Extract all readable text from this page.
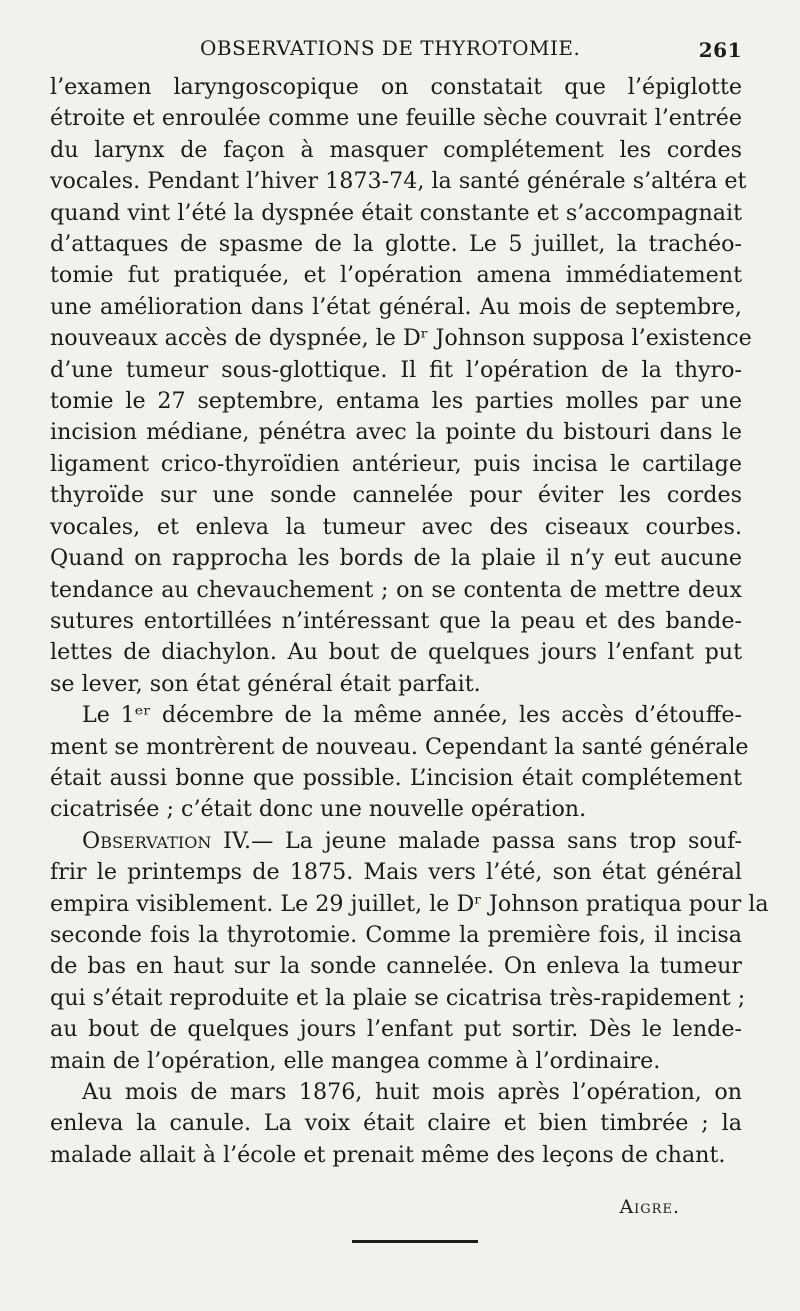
OBSERVATIONS DE THYROTOMIE.	261

l’examen laryngoscopique on constatait que l’épiglotte
étroite et enroulée comme une feuille sèche couvrait l’entrée
du larynx de façon à masquer complétement les cordes
vocales. Pendant l’hiver 1873-74, la santé générale s’altéra et
quand vint l’été la dyspnée était constante et s’accompagnait
d’attaques de spasme de la glotte. Le 5 juillet, la trachéo-
tomie fut pratiquée, et l’opération amena immédiatement
une amélioration dans l’état général. Au mois de septembre,
nouveaux accès de dyspnée, le Dʳ Johnson supposa l’existence
d’une tumeur sous-glottique. Il fit l’opération de la thyro-
tomie le 27 septembre, entama les parties molles par une
incision médiane, pénétra avec la pointe du bistouri dans le
ligament crico-thyroïdien antérieur, puis incisa le cartilage
thyroïde sur une sonde cannelée pour éviter les cordes
vocales, et enleva la tumeur avec des ciseaux courbes.
Quand on rapprocha les bords de la plaie il n’y eut aucune
tendance au chevauchement ; on se contenta de mettre deux
sutures entortillées n’intéressant que la peau et des bande-
lettes de diachylon. Au bout de quelques jours l’enfant put
se lever, son état général était parfait.

Le 1ᵉʳ décembre de la même année, les accès d’étouffe-
ment se montrèrent de nouveau. Cependant la santé générale
était aussi bonne que possible. L’incision était complétement
cicatrisée ; c’était donc une nouvelle opération.

Observation IV.— La jeune malade passa sans trop souf-
frir le printemps de 1875. Mais vers l’été, son état général
empira visiblement. Le 29 juillet, le Dʳ Johnson pratiqua pour la
seconde fois la thyrotomie. Comme la première fois, il incisa
de bas en haut sur la sonde cannelée. On enleva la tumeur
qui s’était reproduite et la plaie se cicatrisa très-rapidement ;
au bout de quelques jours l’enfant put sortir. Dès le lende-
main de l’opération, elle mangea comme à l’ordinaire.

Au mois de mars 1876, huit mois après l’opération, on
enleva la canule. La voix était claire et bien timbrée ; la
malade allait à l’école et prenait même des leçons de chant.

Aigre.
